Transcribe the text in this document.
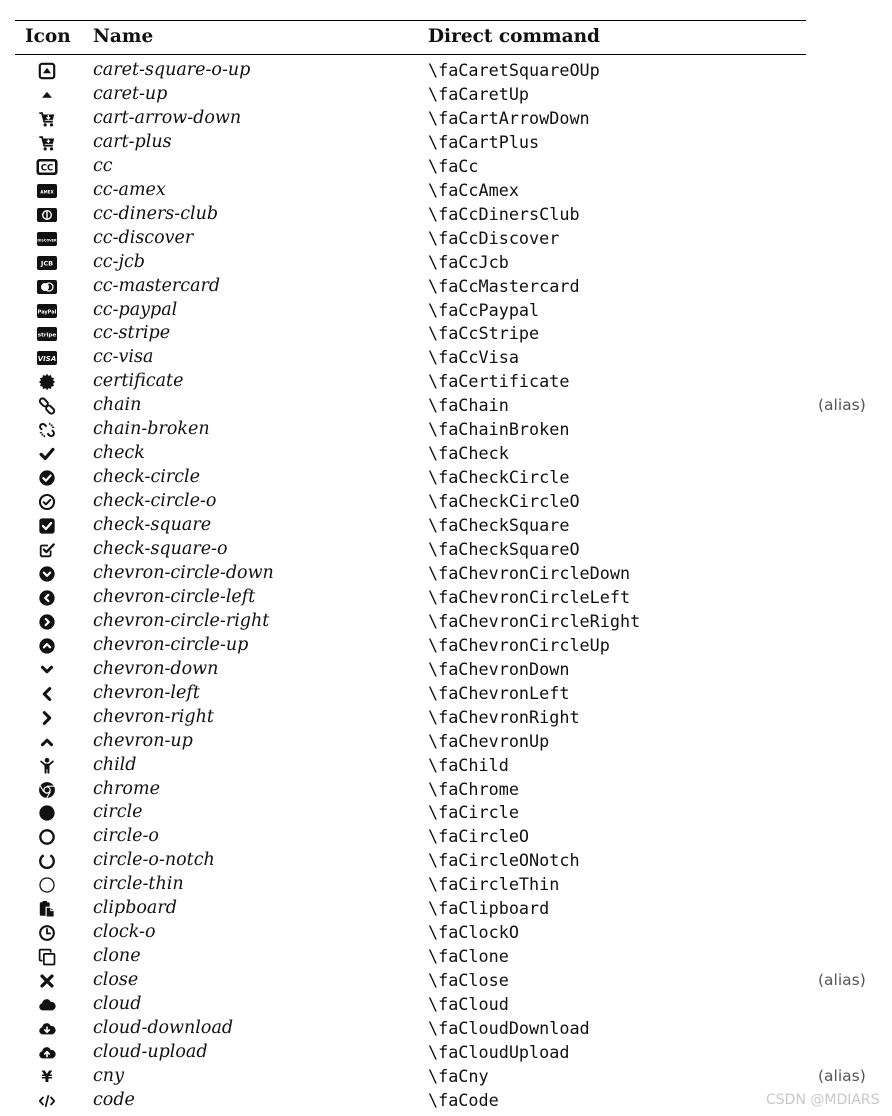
Icon Name	Direct command
caret-square-o-up	\faCaretSquareOUp
caret-up	\faCaretUp
cart-arrow-down	\faCartArrowDown
cart-plus	\faCartPlus
CC cc	\faCc
AMEX cc-amex	\faCcAmex
cc-diners-club	\faCcDinersClub
DISCOVER cc-discover	\faCcDiscover
JCB cc-jcb	\faCcJcb
cc-mastercard	\faCcMastercard
PayPal cc-paypal	\faCcPaypal
stripe cc-stripe	\faCcStripe
VISA cc-visa	\faCcVisa
certificate	\faCertificate
chain	\faChain	(alias)
chain-broken	\faChainBroken
check	\faCheck
check-circle	\faCheckCircle
check-circle-o	\faCheckCircleO
check-square	\faCheckSquare
check-square-o	\faCheckSquareO
chevron-circle-down	\faChevronCircleDown
chevron-circle-left	\faChevronCircleLeft
chevron-circle-right	\faChevronCircleRight
chevron-circle-up	\faChevronCircleUp
chevron-down	\faChevronDown
chevron-left	\faChevronLeft
chevron-right	\faChevronRight
chevron-up	\faChevronUp
child	\faChild
chrome	\faChrome
circle	\faCircle
circle-o	\faCircleO
circle-o-notch	\faCircleONotch
circle-thin	\faCircleThin
clipboard	\faClipboard
clock-o	\faClockO
clone	\faClone
close	\faClose	(alias)
cloud	\faCloud
cloud-download	\faCloudDownload
cloud-upload	\faCloudUpload
¥ cny	\faCny	(alias)
code	\faCode	CSDN @MDIARS
